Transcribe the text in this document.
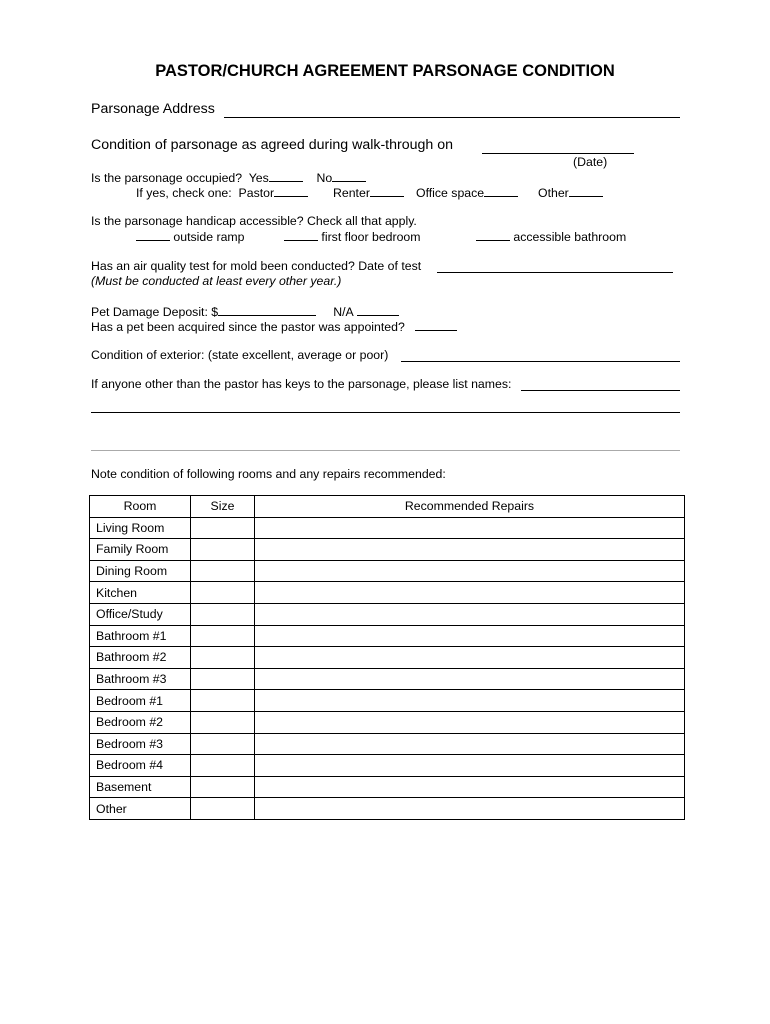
PASTOR/CHURCH AGREEMENT PARSONAGE CONDITION
Parsonage Address
Condition of parsonage as agreed during walk-through on
(Date)
Is the parsonage occupied? Yes	No
If yes, check one: Pastor	Renter	Office space	Other
Is the parsonage handicap accessible? Check all that apply.
outside ramp	first floor bedroom	accessible bathroom
Has an air quality test for mold been conducted? Date of test
(Must be conducted at least every other year.)
Pet Damage Deposit: $	N/A
Has a pet been acquired since the pastor was appointed?
Condition of exterior: (state excellent, average or poor)
If anyone other than the pastor has keys to the parsonage, please list names:
Note condition of following rooms and any repairs recommended:
Room	Size	Recommended Repairs
Living Room		
Family Room		
Dining Room		
Kitchen		
Office/Study		
Bathroom #1		
Bathroom #2		
Bathroom #3		
Bedroom #1		
Bedroom #2		
Bedroom #3		
Bedroom #4		
Basement		
Other		
